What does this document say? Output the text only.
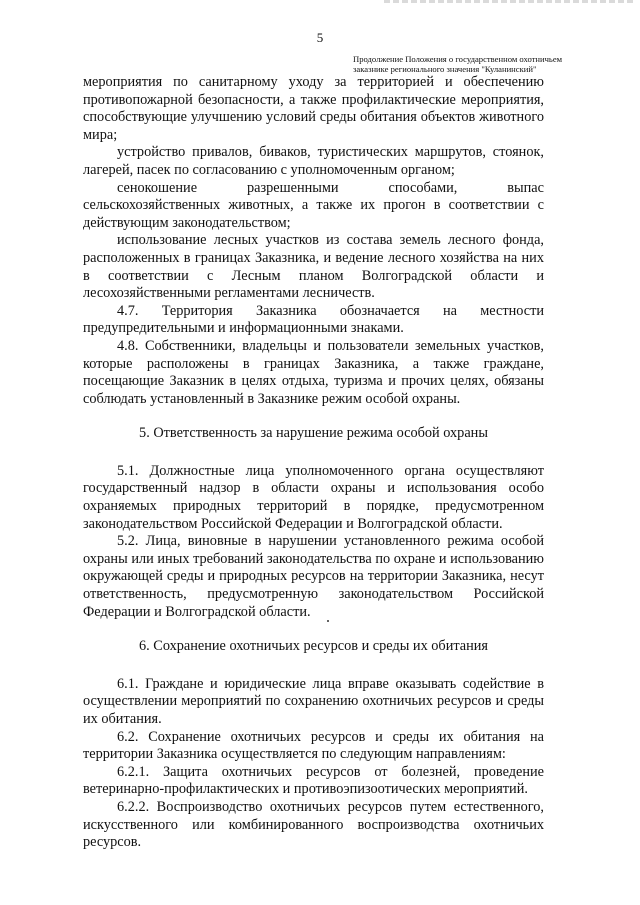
5
Продолжение Положения о государственном охотничьем
заказнике регионального значения "Куланинский"

мероприятия по санитарному уходу за территорией и обеспечению противопожарной безопасности, а также профилактические мероприятия, способствующие улучшению условий среды обитания объектов животного мира;

устройство привалов, биваков, туристических маршрутов, стоянок, лагерей, пасек по согласованию с уполномоченным органом;

сенокошение разрешенными способами, выпас сельскохозяйственных животных, а также их прогон в соответствии с действующим законодательством;

использование лесных участков из состава земель лесного фонда, расположенных в границах Заказника, и ведение лесного хозяйства на них в соответствии с Лесным планом Волгоградской области и лесохозяйственными регламентами лесничеств.

4.7. Территория Заказника обозначается на местности предупредительными и информационными знаками.

4.8. Собственники, владельцы и пользователи земельных участков, которые расположены в границах Заказника, а также граждане, посещающие Заказник в целях отдыха, туризма и прочих целях, обязаны соблюдать установленный в Заказнике режим особой охраны.

5. Ответственность за нарушение режима особой охраны

5.1. Должностные лица уполномоченного органа осуществляют государственный надзор в области охраны и использования особо охраняемых природных территорий в порядке, предусмотренном законодательством Российской Федерации и Волгоградской области.

5.2. Лица, виновные в нарушении установленного режима особой охраны или иных требований законодательства по охране и использованию окружающей среды и природных ресурсов на территории Заказника, несут ответственность, предусмотренную законодательством Российской Федерации и Волгоградской области.

6. Сохранение охотничьих ресурсов и среды их обитания

6.1. Граждане и юридические лица вправе оказывать содействие в осуществлении мероприятий по сохранению охотничьих ресурсов и среды их обитания.

6.2. Сохранение охотничьих ресурсов и среды их обитания на территории Заказника осуществляется по следующим направлениям:

6.2.1. Защита охотничьих ресурсов от болезней, проведение ветеринарно-профилактических и противоэпизоотических мероприятий.

6.2.2. Воспроизводство охотничьих ресурсов путем естественного, искусственного или комбинированного воспроизводства охотничьих ресурсов.
